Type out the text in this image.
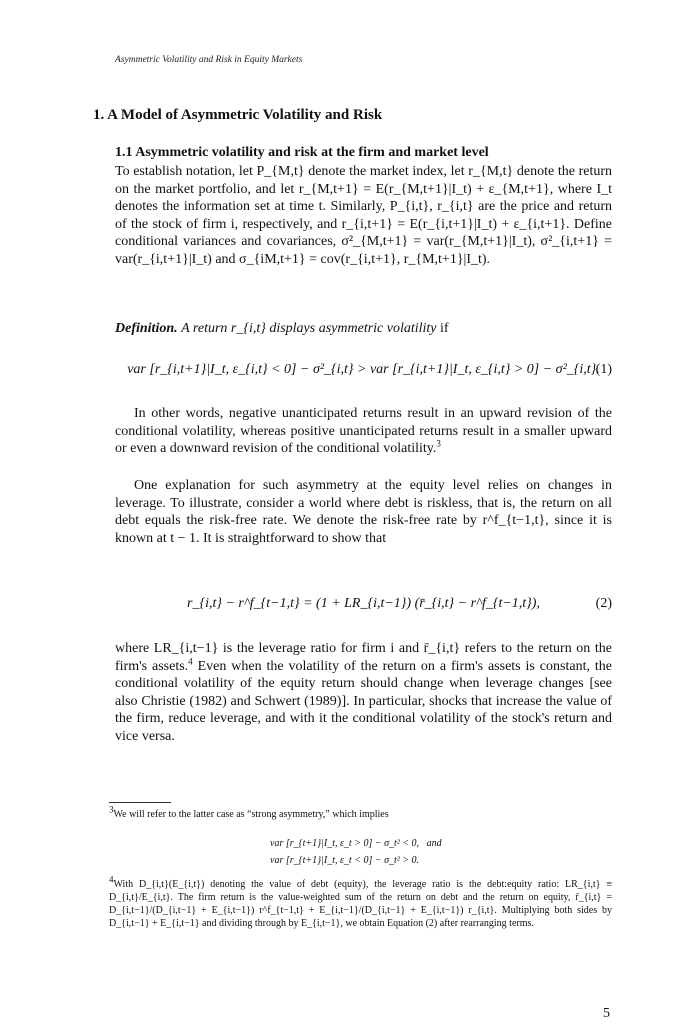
Asymmetric Volatility and Risk in Equity Markets
1. A Model of Asymmetric Volatility and Risk
1.1 Asymmetric volatility and risk at the firm and market level

To establish notation, let P_{M,t} denote the market index, let r_{M,t} denote the return on the market portfolio, and let r_{M,t+1} = E(r_{M,t+1}|I_t) + ε_{M,t+1}, where I_t denotes the information set at time t. Similarly, P_{i,t}, r_{i,t} are the price and return of the stock of firm i, respectively, and r_{i,t+1} = E(r_{i,t+1}|I_t) + ε_{i,t+1}. Define conditional variances and covariances, σ²_{M,t+1} = var(r_{M,t+1}|I_t), σ²_{i,t+1} = var(r_{i,t+1}|I_t) and σ_{iM,t+1} = cov(r_{i,t+1}, r_{M,t+1}|I_t).

Definition. A return r_{i,t} displays asymmetric volatility if

var [r_{i,t+1}|I_t, ε_{i,t} < 0] − σ²_{i,t} > var [r_{i,t+1}|I_t, ε_{i,t} > 0] − σ²_{i,t}.
(1)

In other words, negative unanticipated returns result in an upward revision of the conditional volatility, whereas positive unanticipated returns result in a smaller upward or even a downward revision of the conditional volatility.$^3$

One explanation for such asymmetry at the equity level relies on changes in leverage. To illustrate, consider a world where debt is riskless, that is, the return on all debt equals the risk-free rate. We denote the risk-free rate by r^f_{t−1,t}, since it is known at t − 1. It is straightforward to show that

r_{i,t} − r^f_{t−1,t} = (1 + LR_{i,t−1}) (r̄_{i,t} − r^f_{t−1,t}),	(2)

where LR_{i,t−1} is the leverage ratio for firm i and r̄_{i,t} refers to the return on the firm's assets.$^4$ Even when the volatility of the return on a firm's assets is constant, the conditional volatility of the equity return should change when leverage changes [see also Christie (1982) and Schwert (1989)]. In particular, shocks that increase the value of the firm, reduce leverage, and with it the conditional volatility of the stock's return and vice versa.

3We will refer to the latter case as “strong asymmetry,” which implies

var [r_{t+1}|I_t, ε_t > 0] − σ_t² < 0, and
var [r_{t+1}|I_t, ε_t < 0] − σ_t² > 0.

4With D_{i,t}(E_{i,t}) denoting the value of debt (equity), the leverage ratio is the debt:equity ratio: LR_{i,t} ≡ D_{i,t}/E_{i,t}. The firm return is the value-weighted sum of the return on debt and the return on equity, r̄_{i,t} = D_{i,t−1}/(D_{i,t−1} + E_{i,t−1}) r^f_{t−1,t} + E_{i,t−1}/(D_{i,t−1} + E_{i,t−1}) r_{i,t}. Multiplying both sides by D_{i,t−1} + E_{i,t−1} and dividing through by E_{i,t−1}, we obtain Equation (2) after rearranging terms.

5
